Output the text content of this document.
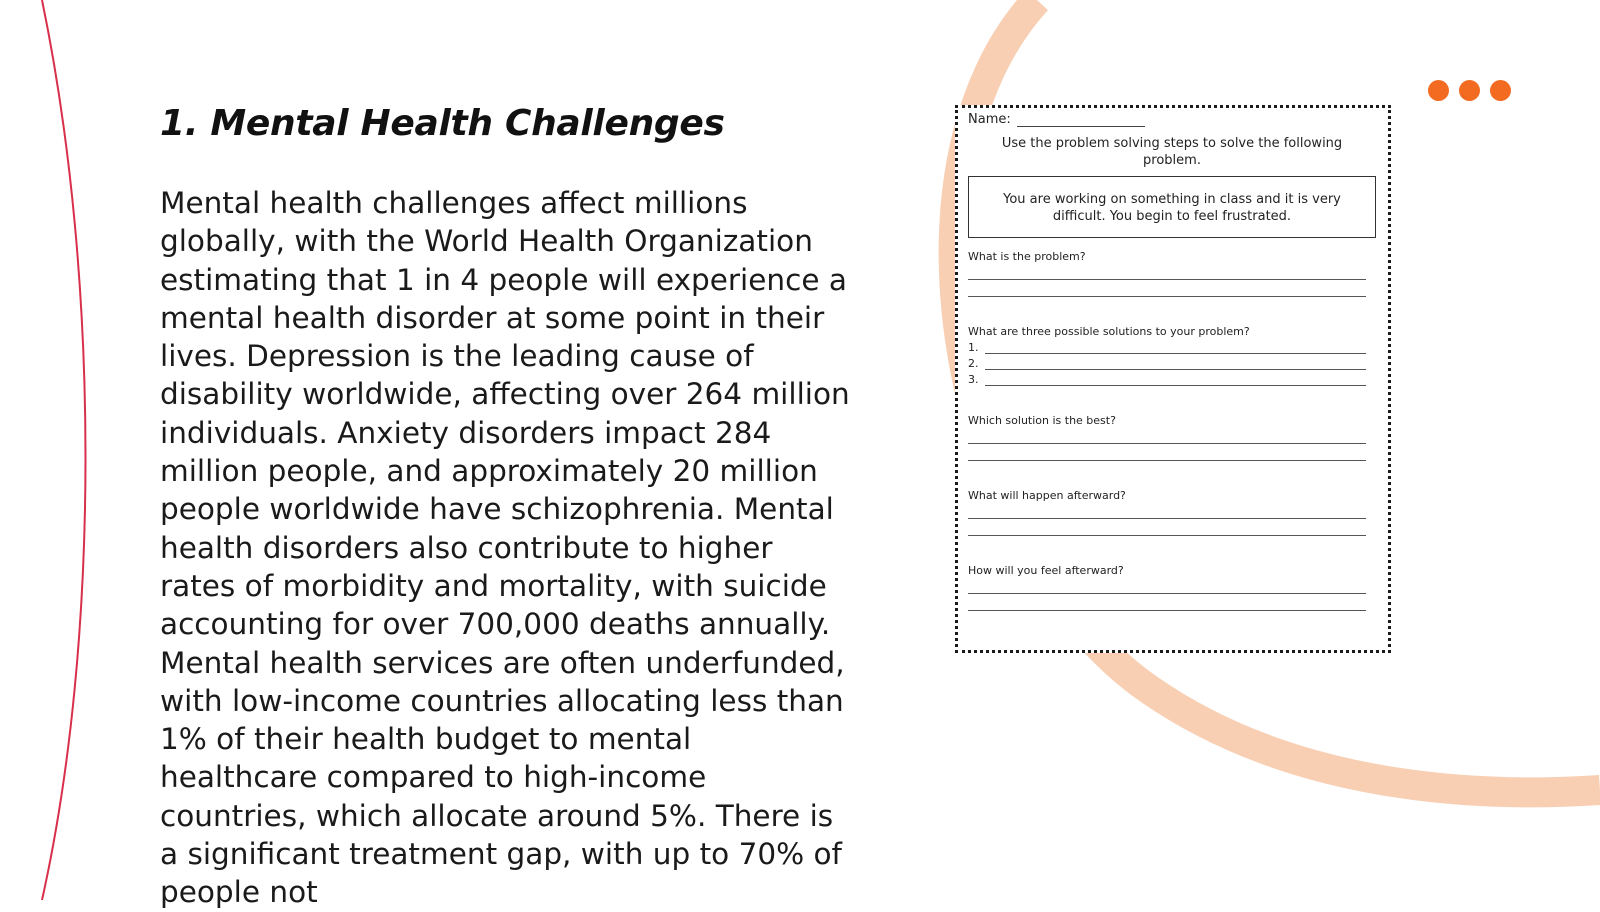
1. Mental Health Challenges

Mental health challenges affect millions globally, with the World Health Organization estimating that 1 in 4 people will experience a mental health disorder at some point in their lives. Depression is the leading cause of disability worldwide, affecting over 264 million individuals. Anxiety disorders impact 284 million people, and approximately 20 million people worldwide have schizophrenia. Mental health disorders also contribute to higher rates of morbidity and mortality, with suicide accounting for over 700,000 deaths annually. Mental health services are often underfunded, with low-income countries allocating less than 1% of their health budget to mental healthcare compared to high-income countries, which allocate around 5%. There is a significant treatment gap, with up to 70% of people not

Name:
Use the problem solving steps to solve the following problem.
You are working on something in class and it is very difficult. You begin to feel frustrated.
What is the problem?
What are three possible solutions to your problem?
1.
2.
3.
Which solution is the best?
What will happen afterward?
How will you feel afterward?
